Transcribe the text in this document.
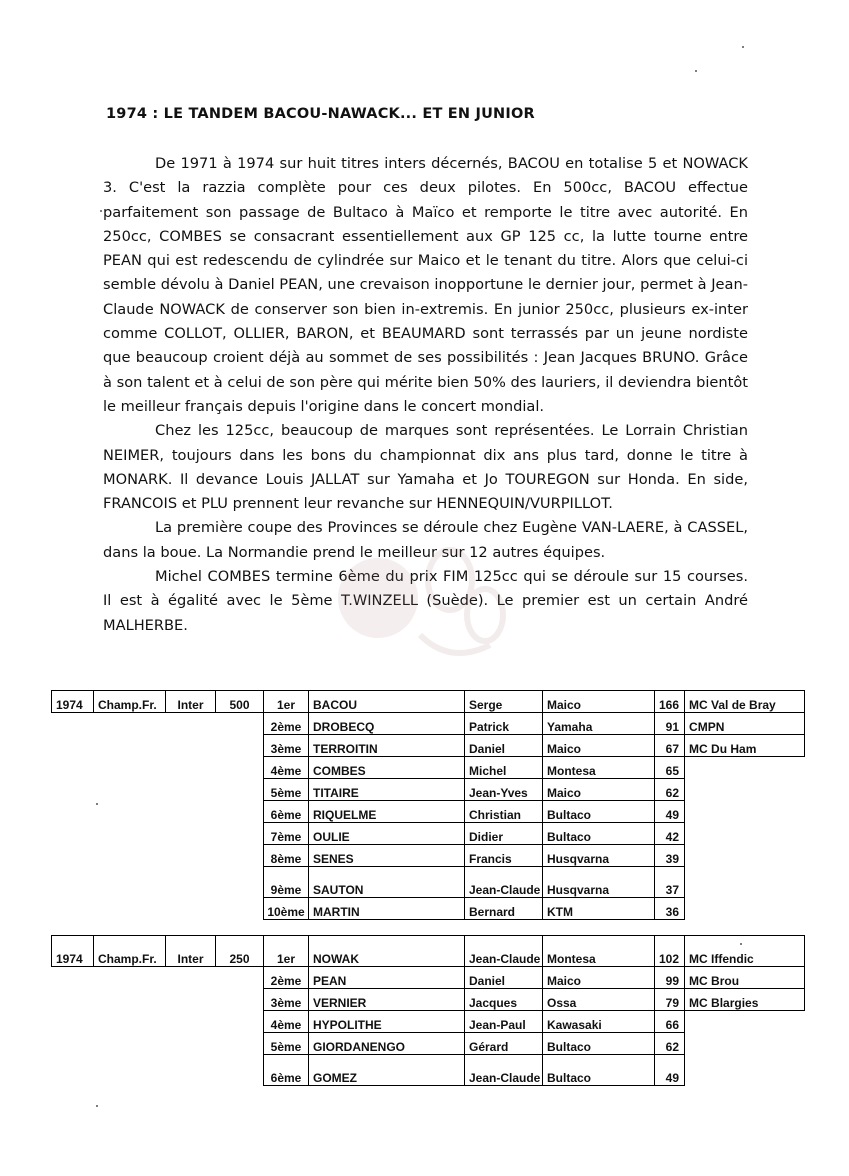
1974 : LE TANDEM BACOU-NAWACK... ET EN JUNIOR

De 1971 à 1974 sur huit titres inters décernés, BACOU en totalise 5 et NOWACK 3. C'est la razzia complète pour ces deux pilotes. En 500cc, BACOU effectue parfaitement son passage de Bultaco à Maïco et remporte le titre avec autorité. En 250cc, COMBES se consacrant essentiellement aux GP 125 cc, la lutte tourne entre PEAN qui est redescendu de cylindrée sur Maico et le tenant du titre. Alors que celui-ci semble dévolu à Daniel PEAN, une crevaison inopportune le dernier jour, permet à Jean-Claude NOWACK de conserver son bien in-extremis. En junior 250cc, plusieurs ex-inter comme COLLOT, OLLIER, BARON, et BEAUMARD sont terrassés par un jeune nordiste que beaucoup croient déjà au sommet de ses possibilités : Jean Jacques BRUNO. Grâce à son talent et à celui de son père qui mérite bien 50% des lauriers, il deviendra bientôt le meilleur français depuis l'origine dans le concert mondial.

Chez les 125cc, beaucoup de marques sont représentées. Le Lorrain Christian NEIMER, toujours dans les bons du championnat dix ans plus tard, donne le titre à MONARK. Il devance Louis JALLAT sur Yamaha et Jo TOUREGON sur Honda. En side, FRANCOIS et PLU prennent leur revanche sur HENNEQUIN/VURPILLOT.

La première coupe des Provinces se déroule chez Eugène VAN-LAERE, à CASSEL, dans la boue. La Normandie prend le meilleur sur 12 autres équipes.

Michel COMBES termine 6ème du prix FIM 125cc qui se déroule sur 15 courses. Il est à égalité avec le 5ème T.WINZELL (Suède). Le premier est un certain André MALHERBE.

1974	Champ.Fr.	Inter	500	1er	BACOU	Serge	Maico	166	MC Val de Bray
				2ème	DROBECQ	Patrick	Yamaha	91	CMPN
				3ème	TERROITIN	Daniel	Maico	67	MC Du Ham
				4ème	COMBES	Michel	Montesa	65	
				5ème	TITAIRE	Jean-Yves	Maico	62	
				6ème	RIQUELME	Christian	Bultaco	49	
				7ème	OULIE	Didier	Bultaco	42	
				8ème	SENES	Francis	Husqvarna	39	
				9ème	SAUTON	Jean-Claude	Husqvarna	37	
				10ème	MARTIN	Bernard	KTM	36	
1974	Champ.Fr.	Inter	250	1er	NOWAK	Jean-Claude	Montesa	102	MC Iffendic
				2ème	PEAN	Daniel	Maico	99	MC Brou
				3ème	VERNIER	Jacques	Ossa	79	MC Blargies
				4ème	HYPOLITHE	Jean-Paul	Kawasaki	66	
				5ème	GIORDANENGO	Gérard	Bultaco	62	
				6ème	GOMEZ	Jean-Claude	Bultaco	49	
